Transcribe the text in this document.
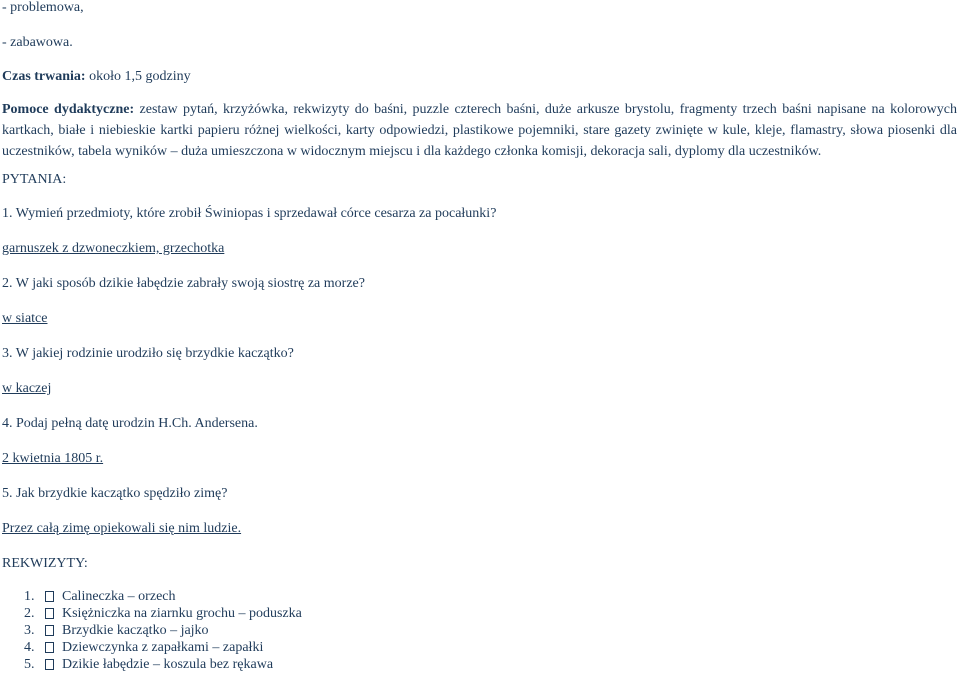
- problemowa,
- zabawowa.
Czas trwania: około 1,5 godziny
Pomoce dydaktyczne: zestaw pytań, krzyżówka, rekwizyty do baśni, puzzle czterech baśni, duże arkusze brystolu, fragmenty trzech baśni napisane na kolorowych kartkach, białe i niebieskie kartki papieru różnej wielkości, karty odpowiedzi, plastikowe pojemniki, stare gazety zwinięte w kule, kleje, flamastry, słowa piosenki dla uczestników, tabela wyników – duża umieszczona w widocznym miejscu i dla każdego członka komisji, dekoracja sali, dyplomy dla uczestników.
PYTANIA:
1. Wymień przedmioty, które zrobił Świniopas i sprzedawał córce cesarza za pocałunki?
garnuszek z dzwoneczkiem, grzechotka
2. W jaki sposób dzikie łabędzie zabrały swoją siostrę za morze?
w siatce
3. W jakiej rodzinie urodziło się brzydkie kaczątko?
w kaczej
4. Podaj pełną datę urodzin H.Ch. Andersena.
2 kwietnia 1805 r.
5. Jak brzydkie kaczątko spędziło zimę?
Przez całą zimę opiekowali się nim ludzie.
REKWIZYTY:
1. Calineczka – orzech
2. Księżniczka na ziarnku grochu – poduszka
3. Brzydkie kaczątko – jajko
4. Dziewczynka z zapałkami – zapałki
5. Dzikie łabędzie – koszula bez rękawa
